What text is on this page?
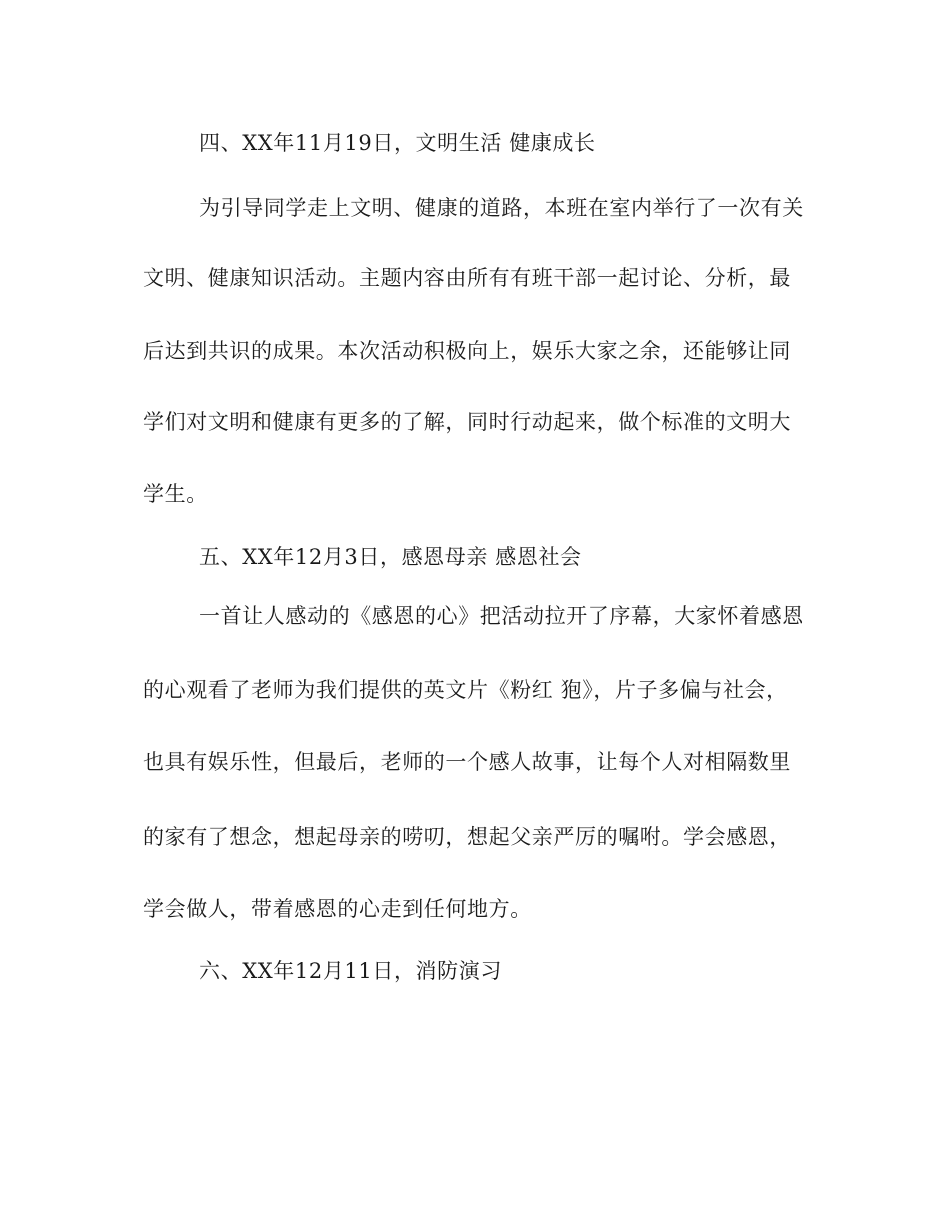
四、XX年11月19日，文明生活 健康成长
为引导同学走上文明、健康的道路，本班在室内举行了一次有关
文明、健康知识活动。主题内容由所有有班干部一起讨论、分析，最
后达到共识的成果。本次活动积极向上，娱乐大家之余，还能够让同
学们对文明和健康有更多的了解，同时行动起来，做个标准的文明大
学生。
五、XX年12月3日，感恩母亲 感恩社会
一首让人感动的《感恩的心》把活动拉开了序幕，大家怀着感恩
的心观看了老师为我们提供的英文片《粉红 狍》，片子多偏与社会，
也具有娱乐性，但最后，老师的一个感人故事，让每个人对相隔数里
的家有了想念，想起母亲的唠叨，想起父亲严厉的嘱咐。学会感恩，
学会做人，带着感恩的心走到任何地方。
六、XX年12月11日，消防演习
